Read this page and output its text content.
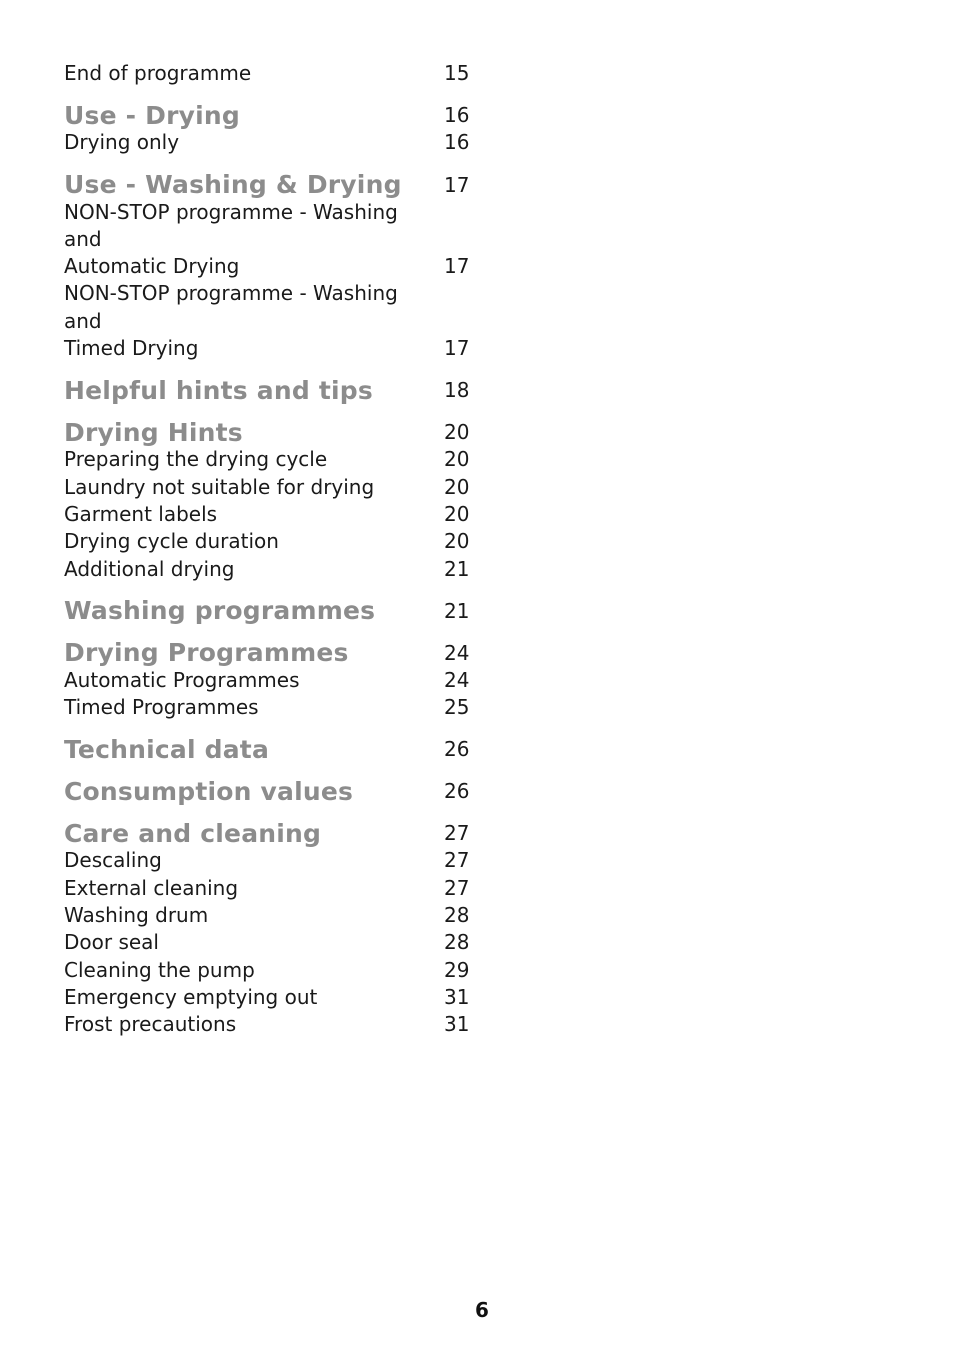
End of programme	15
Use - Drying	16
Drying only	16
Use - Washing & Drying 17
NON-STOP programme - Washing and
Automatic Drying	17
NON-STOP programme - Washing and
Timed Drying	17
Helpful hints and tips	18
Drying Hints	20
Preparing the drying cycle	20
Laundry not suitable for drying	20
Garment labels	20
Drying cycle duration	20
Additional drying	21
Washing programmes	21
Drying Programmes	24
Automatic Programmes	24
Timed Programmes	25
Technical data	26
Consumption values	26
Care and cleaning	27
Descaling	27
External cleaning	27
Washing drum	28
Door seal	28
Cleaning the pump	29
Emergency emptying out	31
Frost precautions	31
6
